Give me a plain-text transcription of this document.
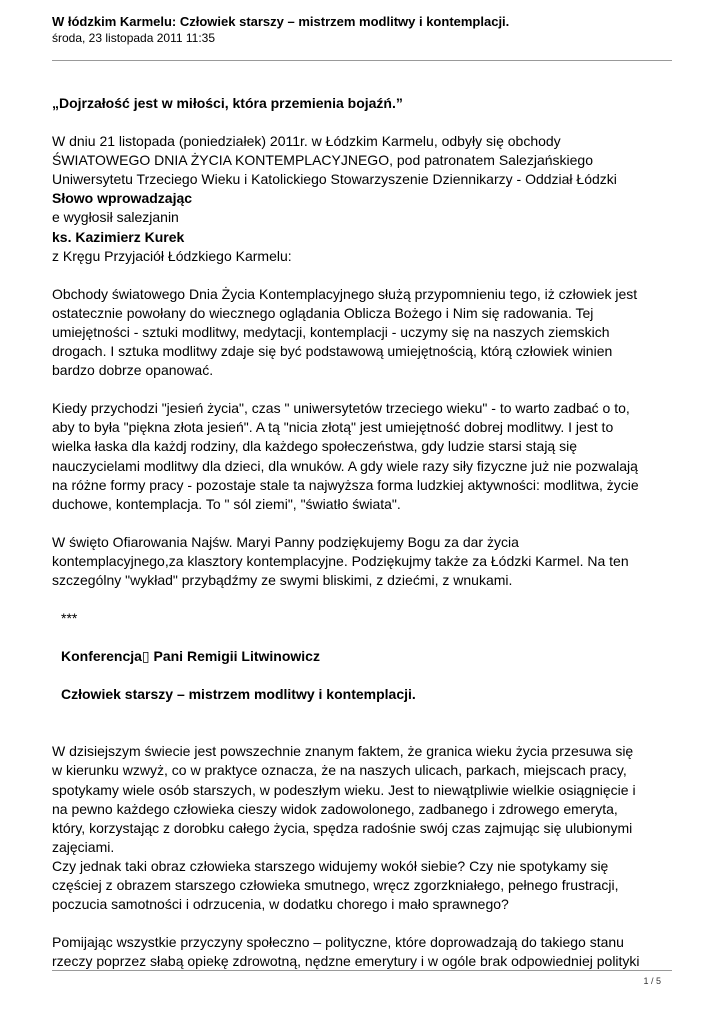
W łódzkim Karmelu: Człowiek starszy – mistrzem modlitwy i kontemplacji.
środa, 23 listopada 2011 11:35

„Dojrzałość jest w miłości, która przemienia bojaźń.”

W dniu 21 listopada (poniedziałek) 2011r. w Łódzkim Karmelu, odbyły się obchody

ŚWIATOWEGO DNIA ŻYCIA KONTEMPLACYJNEGO, pod patronatem Salezjańskiego

Uniwersytetu Trzeciego Wieku i Katolickiego Stowarzyszenie Dziennikarzy - Oddział Łódzki

Słowo wprowadzając

e wygłosił salezjanin

ks. Kazimierz Kurek

z Kręgu Przyjaciół Łódzkiego Karmelu:

Obchody światowego Dnia Życia Kontemplacyjnego służą przypomnieniu tego, iż człowiek jest

ostatecznie powołany do wiecznego oglądania Oblicza Bożego i Nim się radowania. Tej

umiejętności - sztuki modlitwy, medytacji, kontemplacji - uczymy się na naszych ziemskich

drogach. I sztuka modlitwy zdaje się być podstawową umiejętnością, którą człowiek winien

bardzo dobrze opanować.

Kiedy przychodzi "jesień życia", czas " uniwersytetów trzeciego wieku" - to warto zadbać o to,

aby to była "piękna złota jesień". A tą "nicia złotą" jest umiejętność dobrej modlitwy. I jest to

wielka łaska dla każdj rodziny, dla każdego społeczeństwa, gdy ludzie starsi stają się

nauczycielami modlitwy dla dzieci, dla wnuków. A gdy wiele razy siły fizyczne już nie pozwalają

na różne formy pracy - pozostaje stale ta najwyższa forma ludzkiej aktywności: modlitwa, życie

duchowe, kontemplacja. To " sól ziemi", "światło świata".

W święto Ofiarowania Najśw. Maryi Panny podziękujemy Bogu za dar życia

kontemplacyjnego,za klasztory kontemplacyjne. Podziękujmy także za Łódzki Karmel. Na ten

szczególny "wykład" przybądźmy ze swymi bliskimi, z dziećmi, z wnukami.

***

Konferencja▯ Pani Remigii Litwinowicz

Człowiek starszy – mistrzem modlitwy i kontemplacji.

W dzisiejszym świecie jest powszechnie znanym faktem, że granica wieku życia przesuwa się

w kierunku wzwyż, co w praktyce oznacza, że na naszych ulicach, parkach, miejscach pracy,

spotykamy wiele osób starszych, w podeszłym wieku. Jest to niewątpliwie wielkie osiągnięcie i

na pewno każdego człowieka cieszy widok zadowolonego, zadbanego i zdrowego emeryta,

który, korzystając z dorobku całego życia, spędza radośnie swój czas zajmując się ulubionymi

zajęciami.

Czy jednak taki obraz człowieka starszego widujemy wokół siebie? Czy nie spotykamy się

częściej z obrazem starszego człowieka smutnego, wręcz zgorzkniałego, pełnego frustracji,

poczucia samotności i odrzucenia, w dodatku chorego i mało sprawnego?

Pomijając wszystkie przyczyny społeczno – polityczne, które doprowadzają do takiego stanu

rzeczy poprzez słabą opiekę zdrowotną, nędzne emerytury i w ogóle brak odpowiedniej polityki

1 / 5
